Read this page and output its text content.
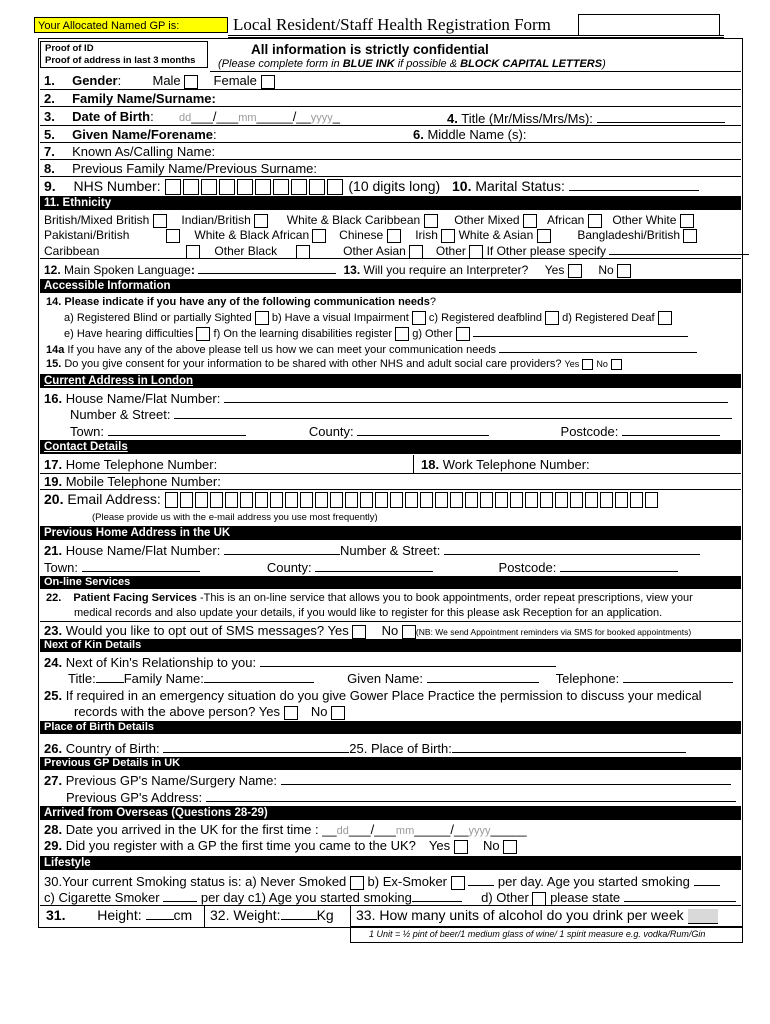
Your Allocated Named GP is:	Local Resident/Staff Health Registration Form
Proof of ID
Proof of address in last 3 months
All information is strictly confidential
(Please complete form in BLUE INK if possible & BLOCK CAPITAL LETTERS)
1. Gender: Male	Female
2. Family Name/Surname:
3. Date of Birth: dd___/___mm_____/__yyyy_	4. Title (Mr/Miss/Mrs/Ms):
5. Given Name/Forename:	6. Middle Name (s):
7. Known As/Calling Name:
8. Previous Family Name/Previous Surname:
9. NHS Number:	(10 digits long) 10. Marital Status:
11. Ethnicity
British/Mixed British	Indian/British	White & Black Caribbean	Other Mixed African Other White
Pakistani/British	White & Black African	Chinese	Irish White & Asian	Bangladeshi/British
Caribbean	Other Black	Other Asian	Other If Other please specify
12. Main Spoken Language:	13. Will you require an Interpreter? Yes	No
Accessible Information
14. Please indicate if you have any of the following communication needs?
a) Registered Blind or partially Sighted b) Have a visual Impairment c) Registered deafblind d) Registered Deaf
e) Have hearing difficulties f) On the learning disabilities register g) Other
14a If you have any of the above please tell us how we can meet your communication needs
15. Do you give consent for your information to be shared with other NHS and adult social care providers? Yes No
Current Address in London
16. House Name/Flat Number:
Number & Street:
Town:	County:	Postcode:
Contact Details
17. Home Telephone Number:	18. Work Telephone Number:
19. Mobile Telephone Number:
20. Email Address:
(Please provide us with the e-mail address you use most frequently)
Previous Home Address in the UK
21. House Name/Flat Number:	Number & Street:
Town:	County:	Postcode:
On-line Services
22. Patient Facing Services -This is an on-line service that allows you to book appointments, order repeat prescriptions, view your
medical records and also update your details, if you would like to register for this please ask Reception for an application.
23. Would you like to opt out of SMS messages? Yes	No (NB: We send Appointment reminders via SMS for booked appointments)
Next of Kin Details
24. Next of Kin's Relationship to you:
Title: Family Name:	Given Name:	Telephone:
25. If required in an emergency situation do you give Gower Place Practice the permission to discuss your medical
records with the above person? Yes No
Place of Birth Details
26. Country of Birth:	25. Place of Birth:
Previous GP Details in UK
27. Previous GP's Name/Surgery Name:
Previous GP's Address:
Arrived from Overseas (Questions 28-29)
28. Date you arrived in the UK for the first time : __dd___/___mm_____/__yyyy_____
29. Did you register with a GP the first time you came to the UK? Yes	No
Lifestyle
30.Your current Smoking status is: a) Never Smoked b) Ex-Smoker	per day. Age you started smoking
c) Cigarette Smoker	per day c1) Age you started smoking	d) Other please state
31. Height: cm 32. Weight:	Kg 33. How many units of alcohol do you drink per week
1 Unit = ½ pint of beer/1 medium glass of wine/ 1 spirit measure e.g. vodka/Rum/Gin
